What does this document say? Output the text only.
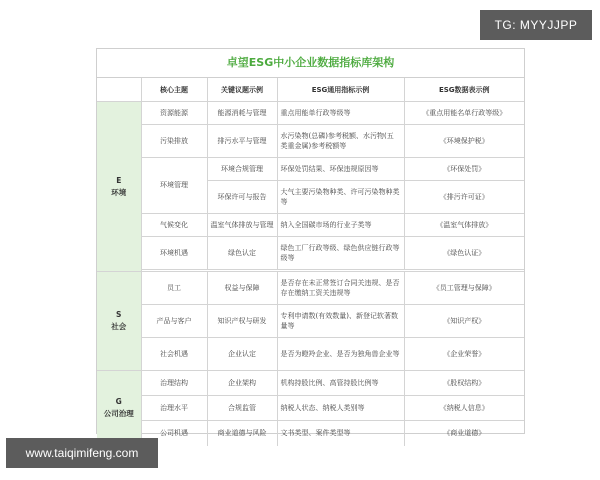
TG: MYYJJPP
卓望ESG中小企业数据指标库架构
	核心主题	关键议题示例	ESG通用指标示例	ESG数据表示例

E
环境	资源能源	能源消耗与管理	重点用能单行政等级等	《重点用能名单行政等级》
	污染排放	排污水平与管理	水污染物(总磷)参考税额、水污物(五类重金属)参考税额等	《环境保护税》
	环境管理	环境合规管理	环保处罚结果、环保违规原因等	《环保处罚》
		环保许可与报告	大气主要污染物种类、许可污染物种类等	《排污许可证》
	气候变化	温室气体排放与管理	纳入全国碳市场的行业子类等	《温室气体排放》
	环境机遇	绿色认定	绿色工厂行政等级、绿色供应链行政等级等	《绿色认证》

S
社会	员工	权益与保障	是否存在未正常签订合同关违规、是否存在缴纳工资关违规等	《员工管理与保障》
	产品与客户	知识产权与研发	专利申请数(有效数量)、新登记软著数量等	《知识产权》
	社会机遇	企业认定	是否为瞪羚企业、是否为独角兽企业等	《企业荣誉》

G
公司治理	治理结构	企业架构	机构持股比例、高管持股比例等	《股权结构》
	治理水平	合规监管	纳税人状态、纳税人类别等	《纳税人信息》
	公司机遇	商业道德与风险	文书类型、案件类型等	《商业道德》
www.taiqimifeng.com
